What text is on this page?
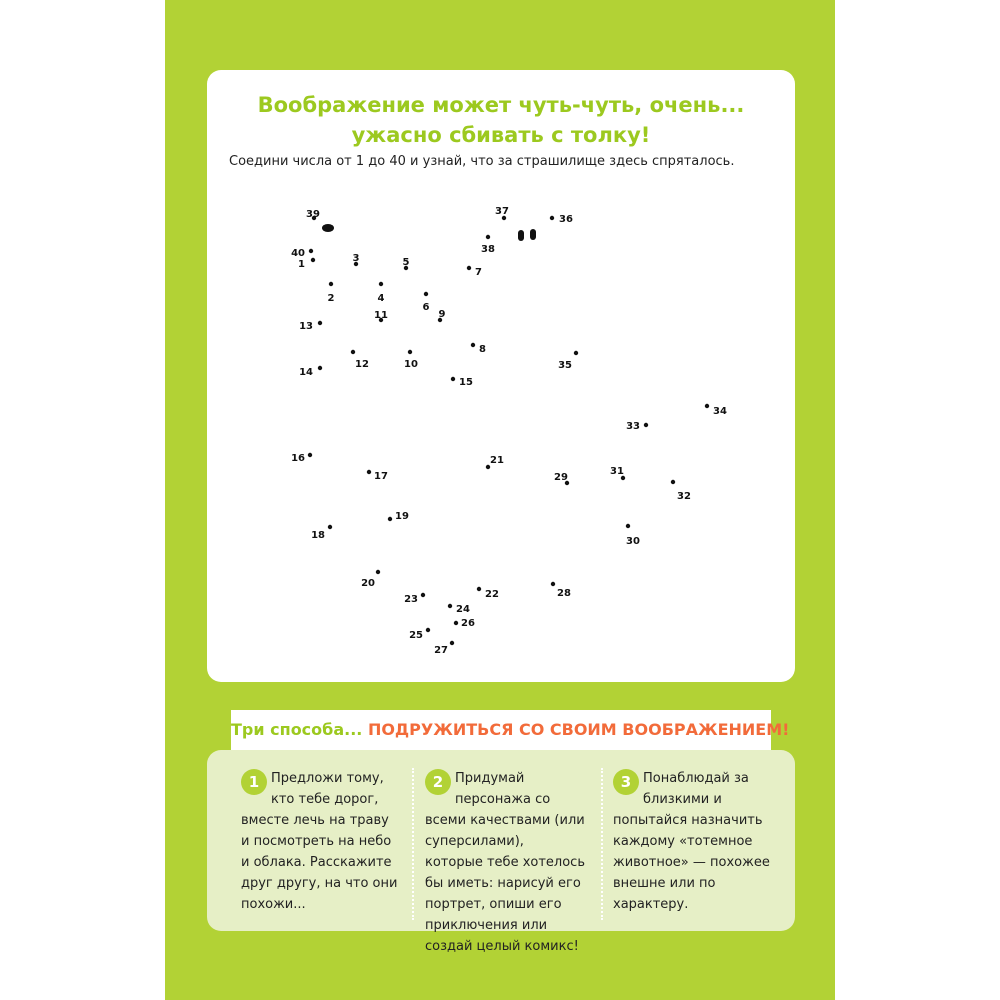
Воображение может чуть-чуть, очень...
ужасно сбивать с толку!
Соедини числа от 1 до 40 и узнай, что за страшилище здесь спряталось.
1
2
3
4
5
6
7
8
9
10
11
12
13
14
15
16
17
18
19
20
21
22
23
24
25
26
27
28
29
30
31
32
33
34
35
36
37
38
39
40
Три способа... ПОДРУЖИТЬСЯ СО СВОИМ ВООБРАЖЕНИЕМ!
1 Предложи тому, кто тебе дорог, вместе лечь на траву и посмотреть на небо и облака. Расскажите друг другу, на что они похожи...
2 Придумай персонажа со всеми качествами (или суперсилами), которые тебе хотелось бы иметь: нарисуй его портрет, опиши его приключения или создай целый комикс!
3 Понаблюдай за близкими и попытайся назначить каждому «тотемное животное» — похожее внешне или по характеру.
